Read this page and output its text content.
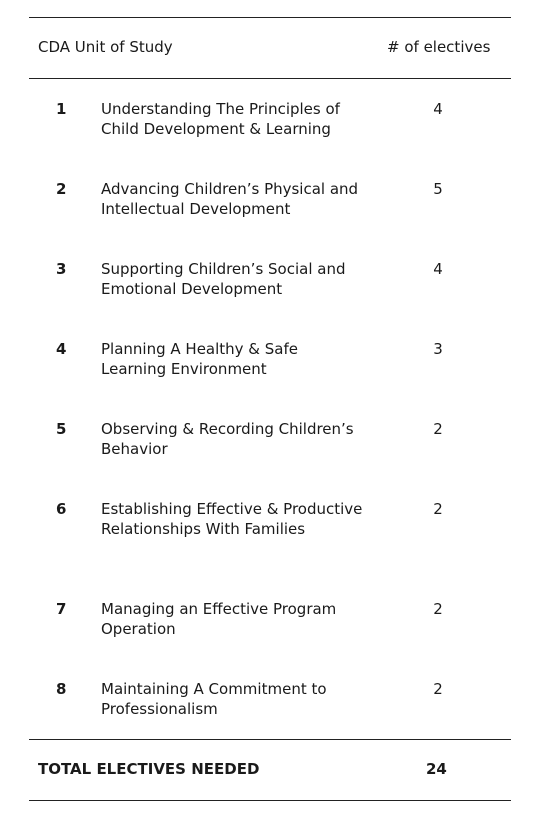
CDA Unit of Study	# of electives
1 Understanding The Principles of Child Development & Learning
4
2 Advancing Children’s Physical and Intellectual Development
5
3 Supporting Children’s Social and Emotional Development
4
4 Planning A Healthy & Safe Learning Environment
3
5 Observing & Recording Children’s Behavior
2
6 Establishing Effective & Productive Relationships With Families
2
7 Managing an Effective Program Operation
2
8 Maintaining A Commitment to Professionalism
2
TOTAL ELECTIVES NEEDED	24
